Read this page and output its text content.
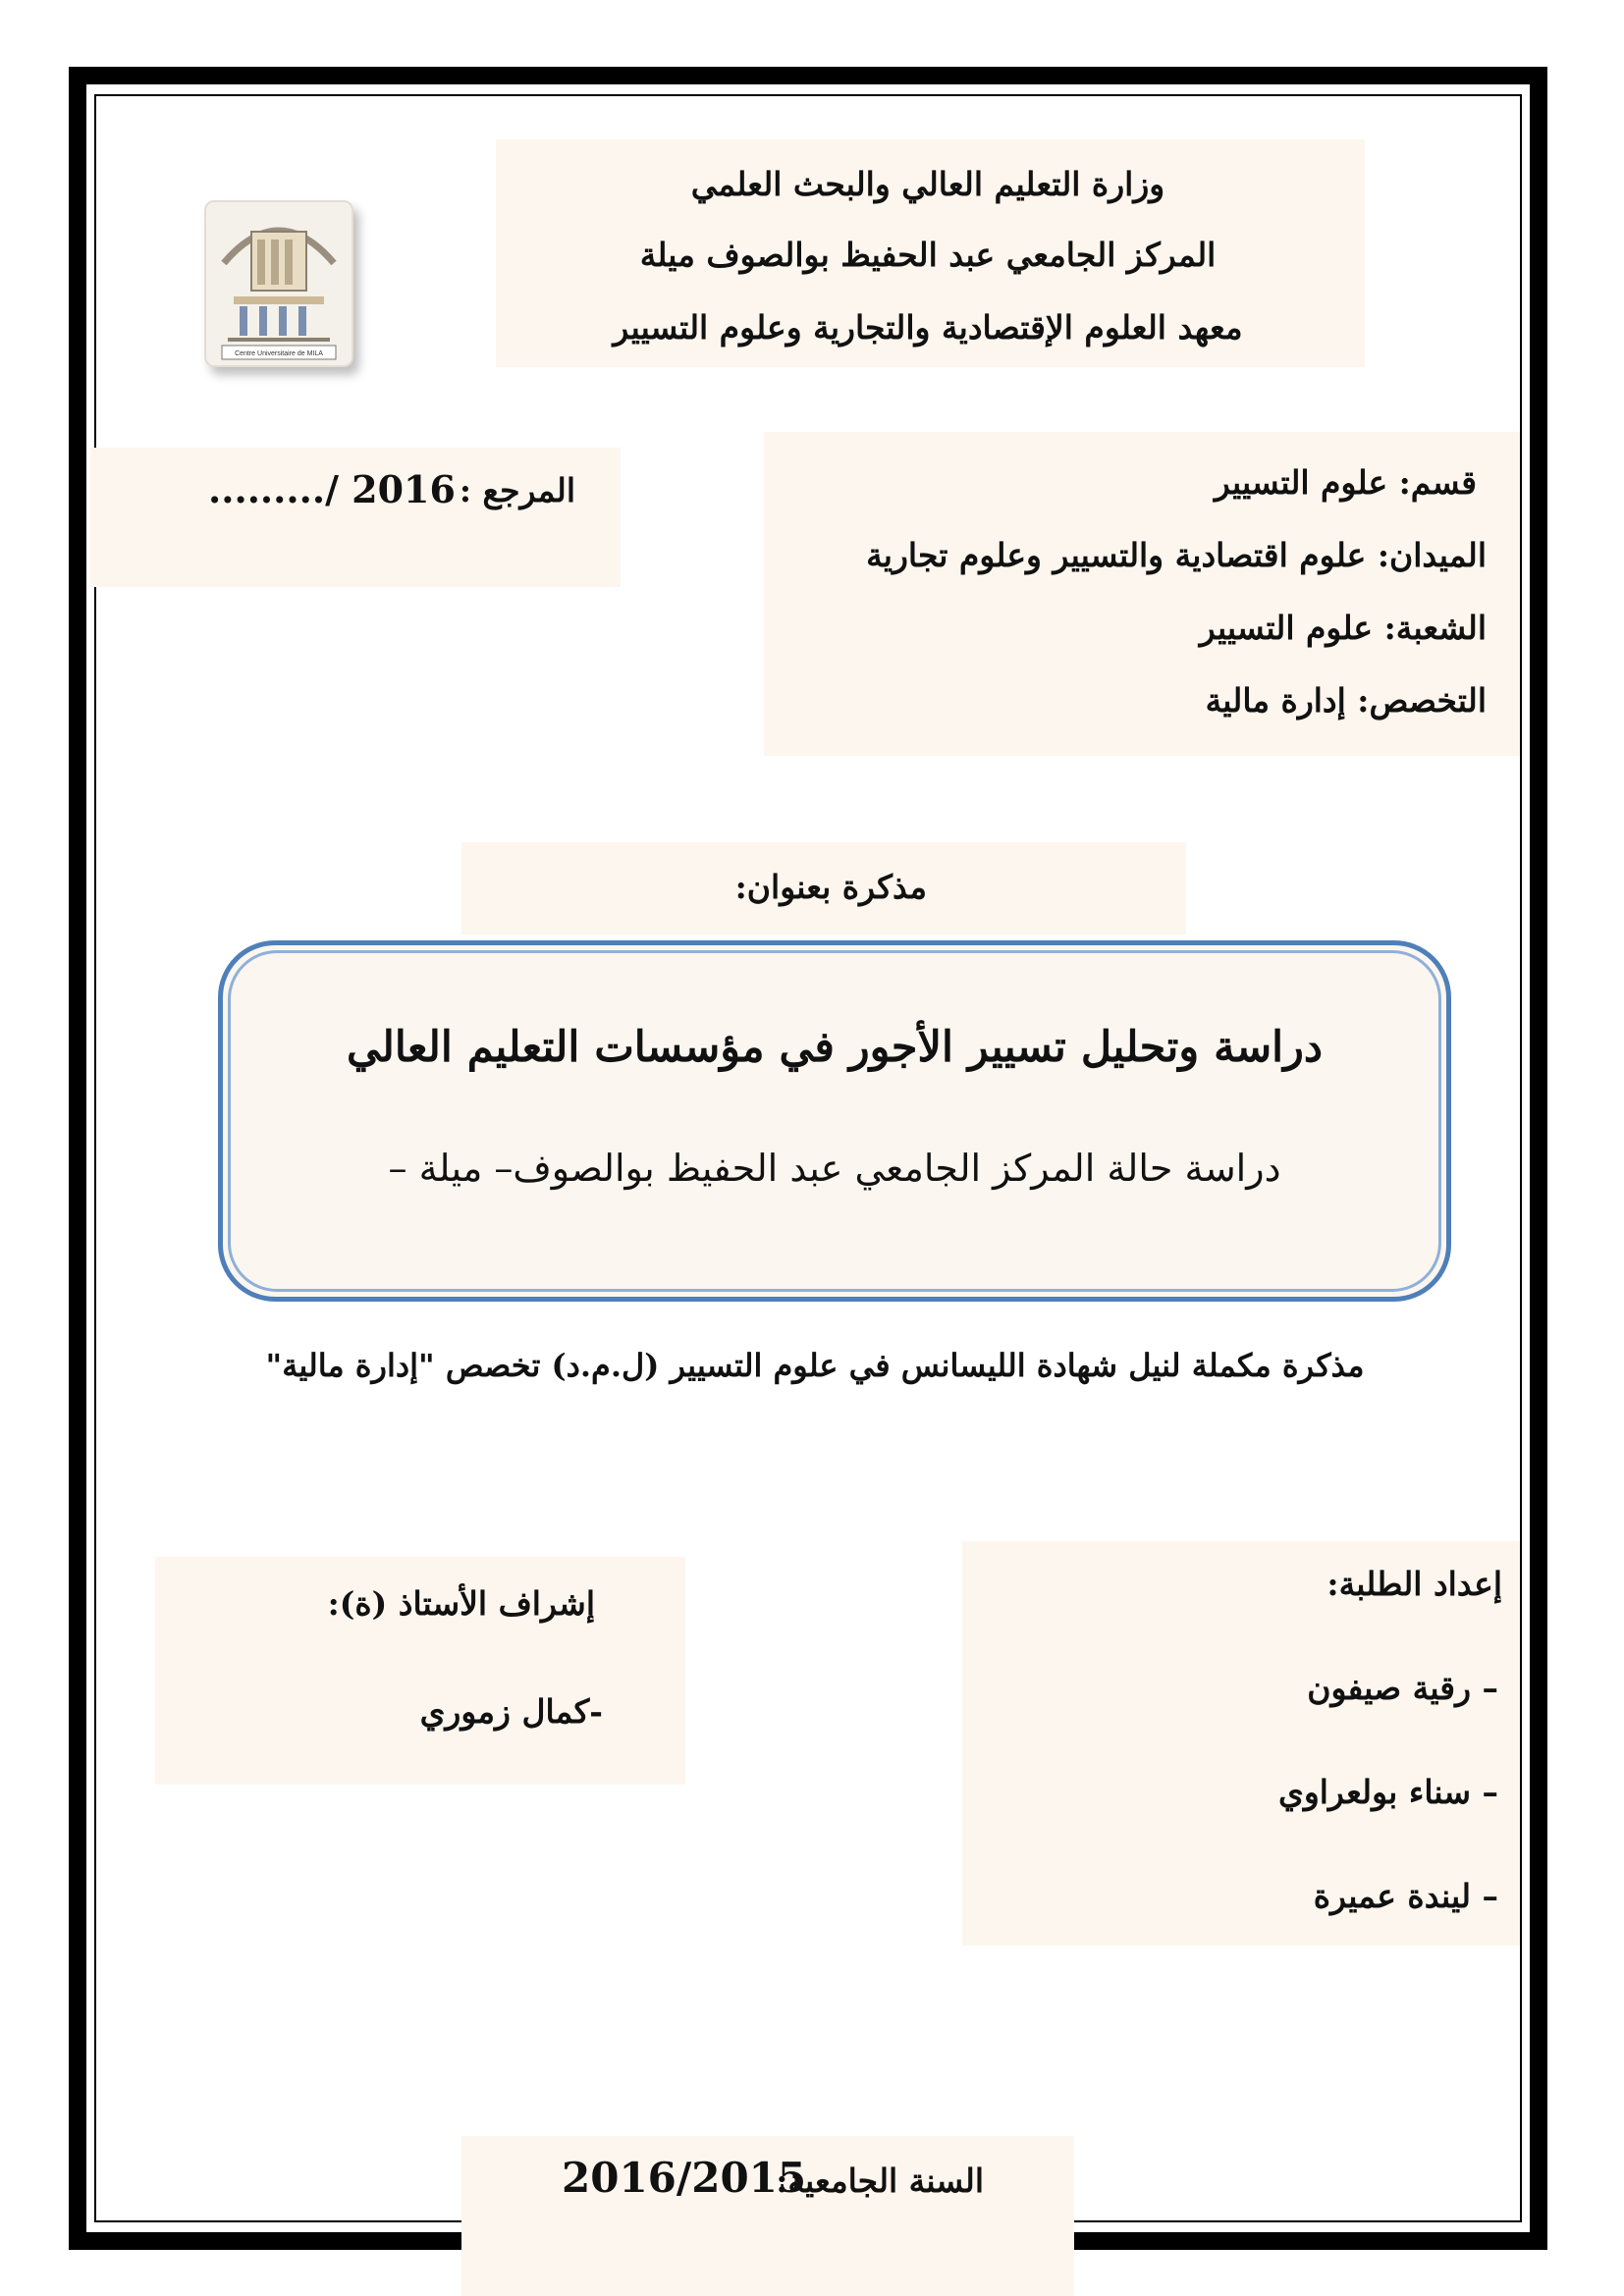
وزارة التعليم العالي والبحث العلمي
المركز الجامعي عبد الحفيظ بوالصوف ميلة
معهد العلوم الإقتصادية والتجارية وعلوم التسيير
Centre Universitaire de MILA
المرجع :
........./ 2016	قسم: علوم التسيير
الميدان: علوم اقتصادية والتسيير وعلوم تجارية
الشعبة: علوم التسيير
التخصص: إدارة مالية
مذكرة بعنوان:
دراسة وتحليل تسيير الأجور في مؤسسات التعليم العالي
دراسة حالة المركز الجامعي عبد الحفيظ بوالصوف– ميلة –
مذكرة مكملة لنيل شهادة الليسانس في علوم التسيير (ل.م.د) تخصص "إدارة مالية"
إعداد الطلبة:
– رقية صيفون
– سناء بولعراوي
– ليندة عميرة
إشراف الأستاذ (ة):
-كمال زموري
السنة الجامعية:
2016/2015
